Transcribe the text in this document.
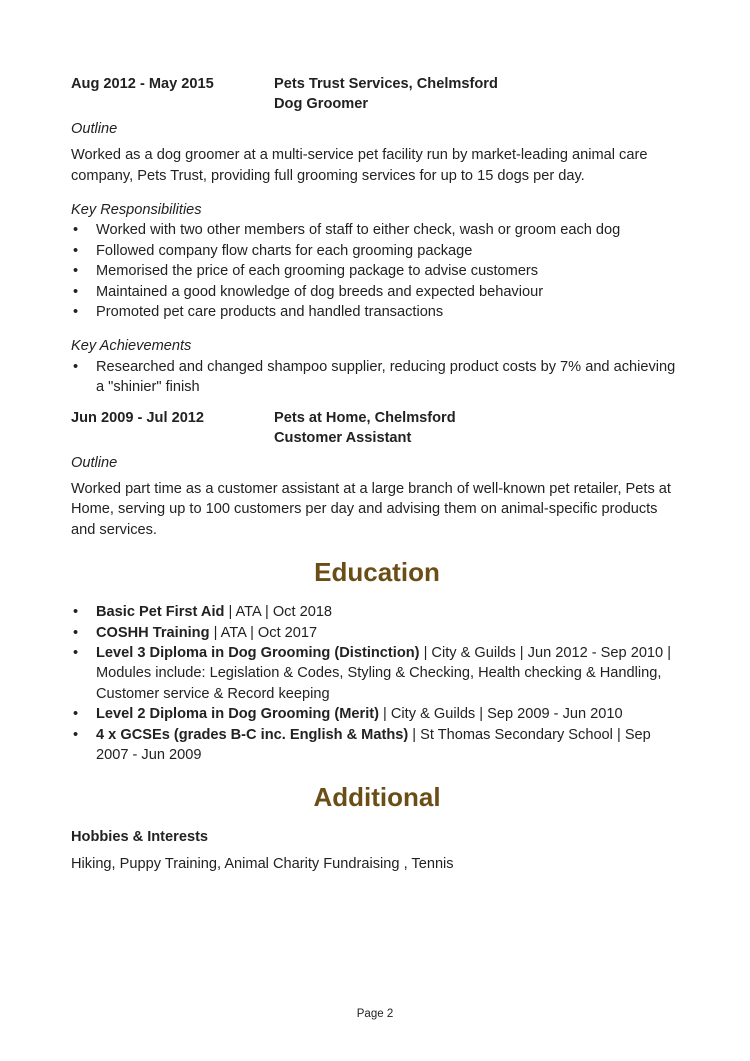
Aug 2012 - May 2015	Pets Trust Services, Chelmsford
Dog Groomer
Outline

Worked as a dog groomer at a multi-service pet facility run by market-leading animal care company, Pets Trust, providing full grooming services for up to 15 dogs per day.

Key Responsibilities
• Worked with two other members of staff to either check, wash or groom each dog
• Followed company flow charts for each grooming package
• Memorised the price of each grooming package to advise customers
• Maintained a good knowledge of dog breeds and expected behaviour
• Promoted pet care products and handled transactions
Key Achievements
• Researched and changed shampoo supplier, reducing product costs by 7% and achieving a "shinier" finish
Jun 2009 - Jul 2012	Pets at Home, Chelmsford
Customer Assistant
Outline

Worked part time as a customer assistant at a large branch of well-known pet retailer, Pets at Home, serving up to 100 customers per day and advising them on animal-specific products and services.

Education
• Basic Pet First Aid | ATA | Oct 2018
• COSHH Training | ATA | Oct 2017
• Level 3 Diploma in Dog Grooming (Distinction) | City & Guilds | Jun 2012 - Sep 2010 | Modules include: Legislation & Codes, Styling & Checking, Health checking & Handling, Customer service & Record keeping
• Level 2 Diploma in Dog Grooming (Merit) | City & Guilds | Sep 2009 - Jun 2010
• 4 x GCSEs (grades B-C inc. English & Maths) | St Thomas Secondary School | Sep 2007 - Jun 2009
Additional
Hobbies & Interests

Hiking, Puppy Training, Animal Charity Fundraising , Tennis

Page 2
